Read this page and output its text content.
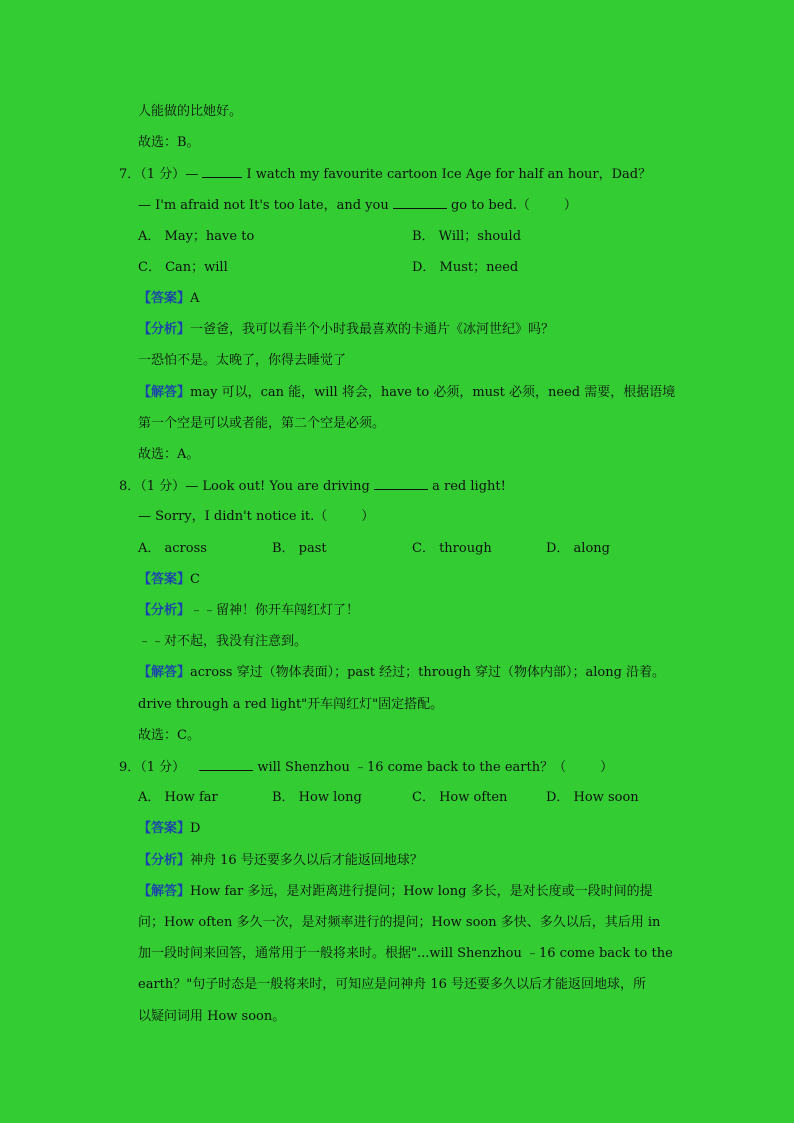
人能做的比她好。
故选：B。
7．（1 分）—	I watch my favourite cartoon Ice Age for half an hour，Dad？
— I'm afraid not It's too late，and you	go to bed.（	）
A． May；have to	B． Will；should
C． Can；will	D． Must；need
【答案】A
【分析】一爸爸，我可以看半个小时我最喜欢的卡通片《冰河世纪》吗？
一恐怕不是。太晚了，你得去睡觉了
【解答】may 可以，can 能，will 将会，have to 必须，must 必须，need 需要，根据语境
第一个空是可以或者能，第二个空是必须。
故选：A。
8．（1 分）— Look out! You are driving	a red light!
— Sorry，I didn't notice it.（	）
A． across	B． past	C． through	D． along
【答案】C
【分析】﹣﹣留神！你开车闯红灯了！
﹣﹣对不起，我没有注意到。
【解答】across 穿过（物体表面）；past 经过；through 穿过（物体内部）；along 沿着。
drive through a red light"开车闯红灯"固定搭配。
故选：C。
9．（1 分）	will Shenzhou ﹣16 come back to the earth？（	）
A． How far	B． How long	C． How often	D． How soon
【答案】D
【分析】神舟 16 号还要多久以后才能返回地球？
【解答】How far 多远，是对距离进行提问；How long 多长，是对长度或一段时间的提
问；How often 多久一次，是对频率进行的提问；How soon 多快、多久以后，其后用 in
加一段时间来回答，通常用于一般将来时。根据"...will Shenzhou ﹣16 come back to the
earth？"句子时态是一般将来时，可知应是问神舟 16 号还要多久以后才能返回地球，所
以疑问词用 How soon。
